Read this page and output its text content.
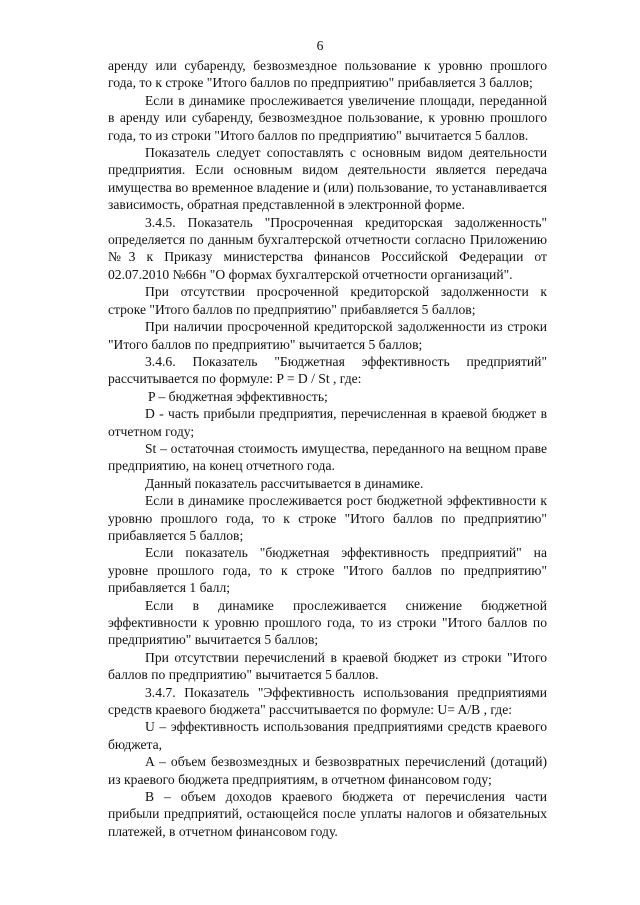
6

аренду или субаренду, безвозмездное пользование к уровню прошлого года, то к строке "Итого баллов по предприятию" прибавляется 3 баллов;

Если в динамике прослеживается увеличение площади, переданной в аренду или субаренду, безвозмездное пользование, к уровню прошлого года, то из строки "Итого баллов по предприятию" вычитается 5 баллов.

Показатель следует сопоставлять с основным видом деятельности предприятия. Если основным видом деятельности является передача имущества во временное владение и (или) пользование, то устанавливается зависимость, обратная представленной в электронной форме.

3.4.5. Показатель "Просроченная кредиторская задолженность" определяется по данным бухгалтерской отчетности согласно Приложению №3 к Приказу министерства финансов Российской Федерации от 02.07.2010 №66н "О формах бухгалтерской отчетности организаций".

При отсутствии просроченной кредиторской задолженности к строке "Итого баллов по предприятию" прибавляется 5 баллов;

При наличии просроченной кредиторской задолженности из строки "Итого баллов по предприятию" вычитается 5 баллов;

3.4.6. Показатель "Бюджетная эффективность предприятий" рассчитывается по формуле: P = D / St , где:

P – бюджетная эффективность;

D - часть прибыли предприятия, перечисленная в краевой бюджет в отчетном году;

St – остаточная стоимость имущества, переданного на вещном праве предприятию, на конец отчетного года.

Данный показатель рассчитывается в динамике.

Если в динамике прослеживается рост бюджетной эффективности к уровню прошлого года, то к строке "Итого баллов по предприятию" прибавляется 5 баллов;

Если показатель "бюджетная эффективность предприятий" на уровне прошлого года, то к строке "Итого баллов по предприятию" прибавляется 1 балл;

Если в динамике прослеживается снижение бюджетной эффективности к уровню прошлого года, то из строки "Итого баллов по предприятию" вычитается 5 баллов;

При отсутствии перечислений в краевой бюджет из строки "Итого баллов по предприятию" вычитается 5 баллов.

3.4.7. Показатель "Эффективность использования предприятиями средств краевого бюджета" рассчитывается по формуле: U= A/B , где:

U – эффективность использования предприятиями средств краевого бюджета,

A – объем безвозмездных и безвозвратных перечислений (дотаций) из краевого бюджета предприятиям, в отчетном финансовом году;

B – объем доходов краевого бюджета от перечисления части прибыли предприятий, остающейся после уплаты налогов и обязательных платежей, в отчетном финансовом году.
